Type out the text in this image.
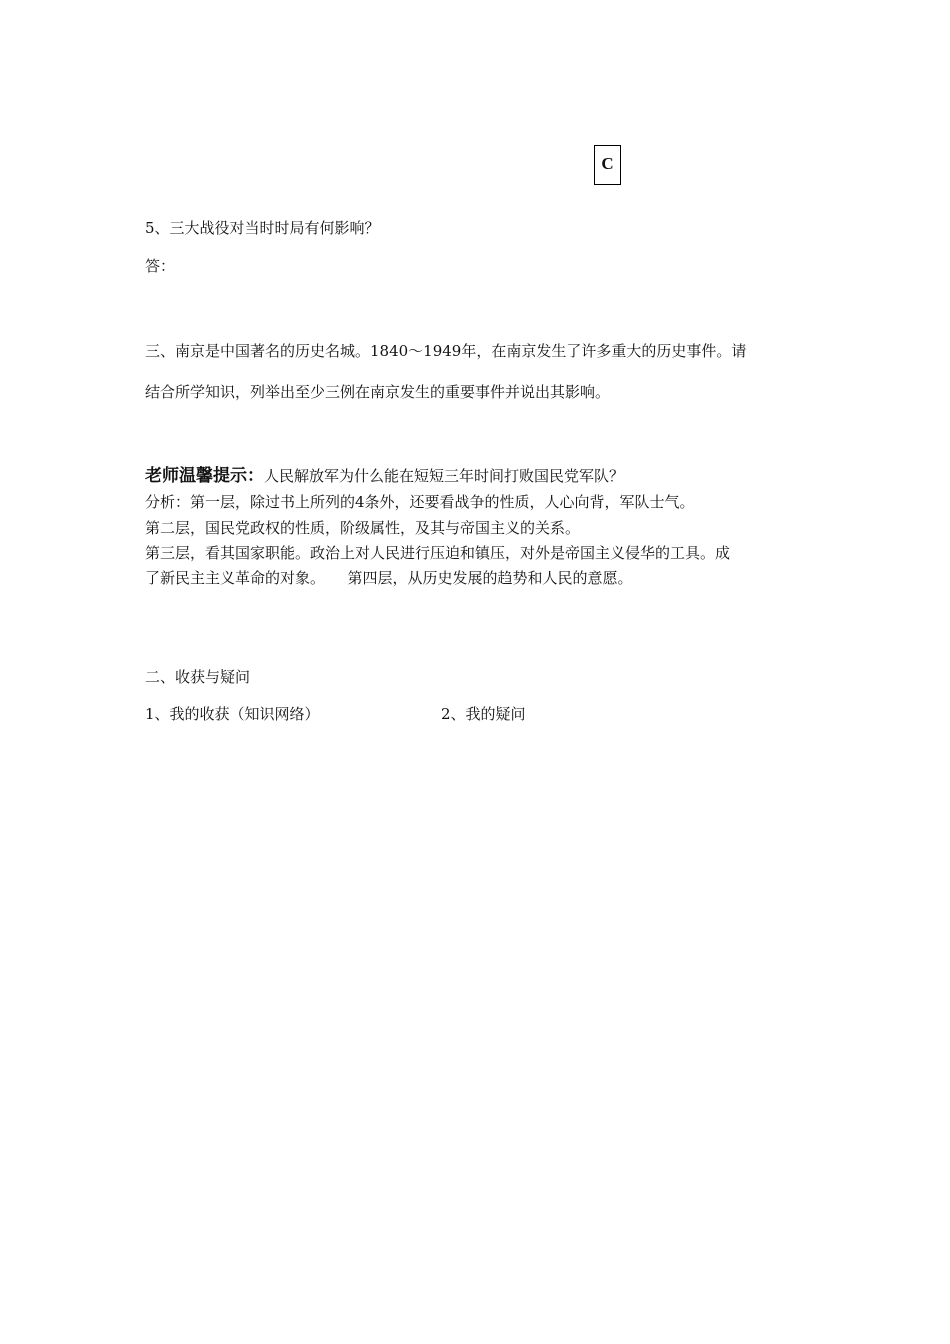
C
5、三大战役对当时时局有何影响？
答：
三、南京是中国著名的历史名城。1840～1949年，在南京发生了许多重大的历史事件。请
结合所学知识，列举出至少三例在南京发生的重要事件并说出其影响。
老师温馨提示：人民解放军为什么能在短短三年时间打败国民党军队？
分析：第一层，除过书上所列的4条外，还要看战争的性质，人心向背，军队士气。
第二层，国民党政权的性质，阶级属性，及其与帝国主义的关系。
第三层，看其国家职能。政治上对人民进行压迫和镇压，对外是帝国主义侵华的工具。成
了新民主主义革命的对象。　　第四层，从历史发展的趋势和人民的意愿。
二、收获与疑问
1、我的收获（知识网络）	2、我的疑问
